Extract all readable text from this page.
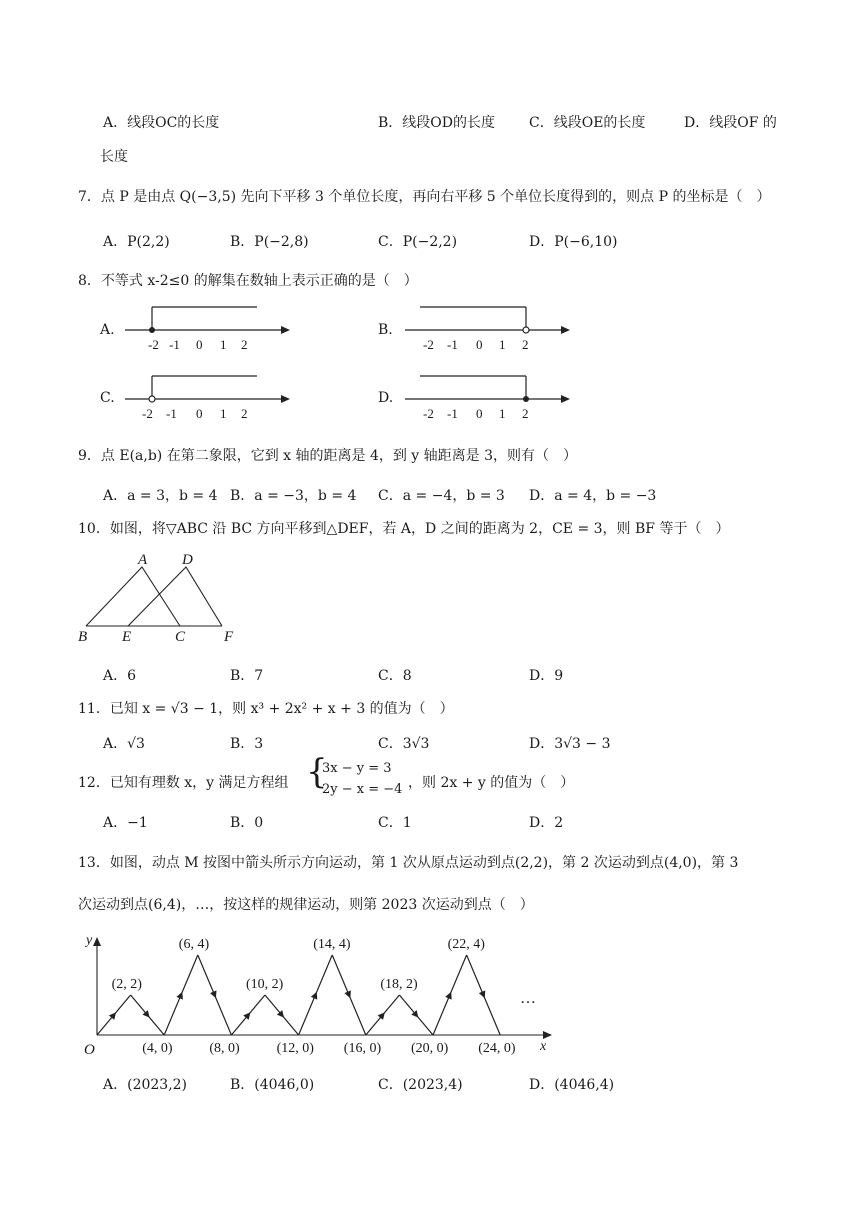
A．线段OC的长度	B．线段OD的长度 C．线段OE的长度	D．线段OF 的
长度
7．点 P 是由点 Q(−3,5) 先向下平移 3 个单位长度，再向右平移 5 个单位长度得到的，则点 P 的坐标是（　）
A．P(2,2)	B．P(−2,8)	C．P(−2,2)	D．P(−6,10)
8．不等式 x-2≤0 的解集在数轴上表示正确的是（　）
A.
-2 -1 0 1 2
B.
-2 -1 0 1 2
C.
-2 -1 0 1 2
D.
-2 -1 0 1 2
9．点 E(a,b) 在第二象限，它到 x 轴的距离是 4，到 y 轴距离是 3，则有（　）
A．a = 3，b = 4 B．a = −3，b = 4 C．a = −4，b = 3 D．a = 4，b = −3
10．如图，将▽ABC 沿 BC 方向平移到△DEF，若 A，D 之间的距离为 2，CE = 3，则 BF 等于（　）
A D
B E	C	F
A．6	B．7	C．8	D．9
11．已知 x = √3 − 1，则 x³ + 2x² + x + 3 的值为（　）
A．√3	B．3	C．3√3	D．3√3 − 3
12．已知有理数 x，y 满足方程组 {
3x − y = 3
2y − x = −4 ，则 2x + y 的值为（　）
A．−1	B．0	C．1	D．2
13．如图，动点 M 按图中箭头所示方向运动，第 1 次从原点运动到点(2,2)，第 2 次运动到点(4,0)，第 3
次运动到点(6,4)，…，按这样的规律运动，则第 2023 次运动到点（　）
y
x
O
(2, 2)
(6, 4)
(10, 2)
(14, 4)
(18, 2)
(22, 4)
(4, 0)	(8, 0)	(12, 0) (16, 0) (20, 0) (24, 0)
…
A．(2023,2)	B．(4046,0)	C．(2023,4)	D．(4046,4)
